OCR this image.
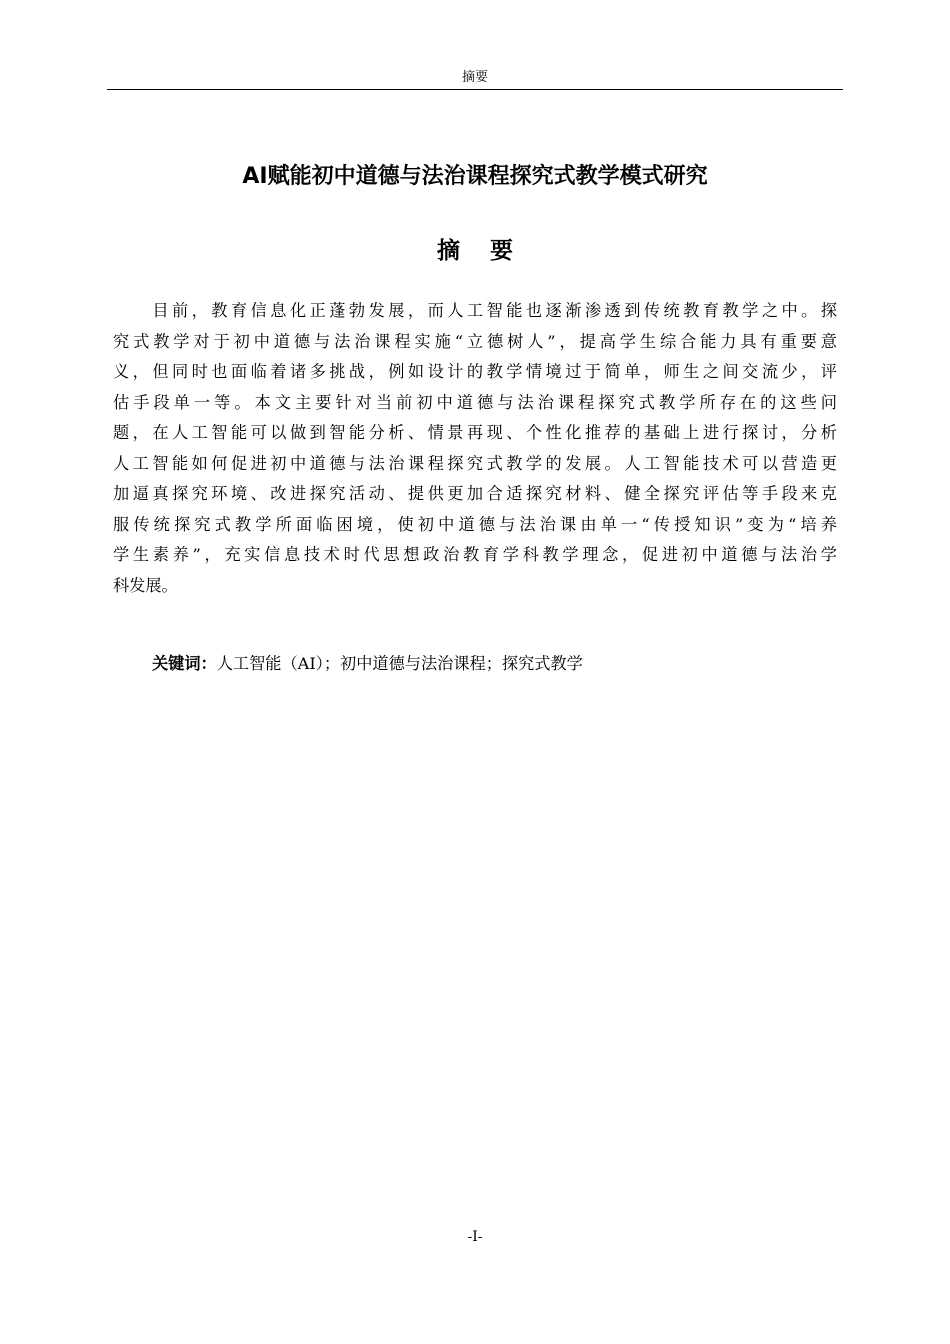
摘要
AI赋能初中道德与法治课程探究式教学模式研究
摘要
　　目前，教育信息化正蓬勃发展，而人工智能也逐渐渗透到传统教育教学之中。探
究式教学对于初中道德与法治课程实施“立德树人”，提高学生综合能力具有重要意
义，但同时也面临着诸多挑战，例如设计的教学情境过于简单，师生之间交流少，评
估手段单一等。本文主要针对当前初中道德与法治课程探究式教学所存在的这些问
题，在人工智能可以做到智能分析、情景再现、个性化推荐的基础上进行探讨，分析
人工智能如何促进初中道德与法治课程探究式教学的发展。人工智能技术可以营造更
加逼真探究环境、改进探究活动、提供更加合适探究材料、健全探究评估等手段来克
服传统探究式教学所面临困境，使初中道德与法治课由单一“传授知识”变为“培养
学生素养”，充实信息技术时代思想政治教育学科教学理念，促进初中道德与法治学
科发展。
关键词：人工智能（AI）；初中道德与法治课程；探究式教学
-I-
